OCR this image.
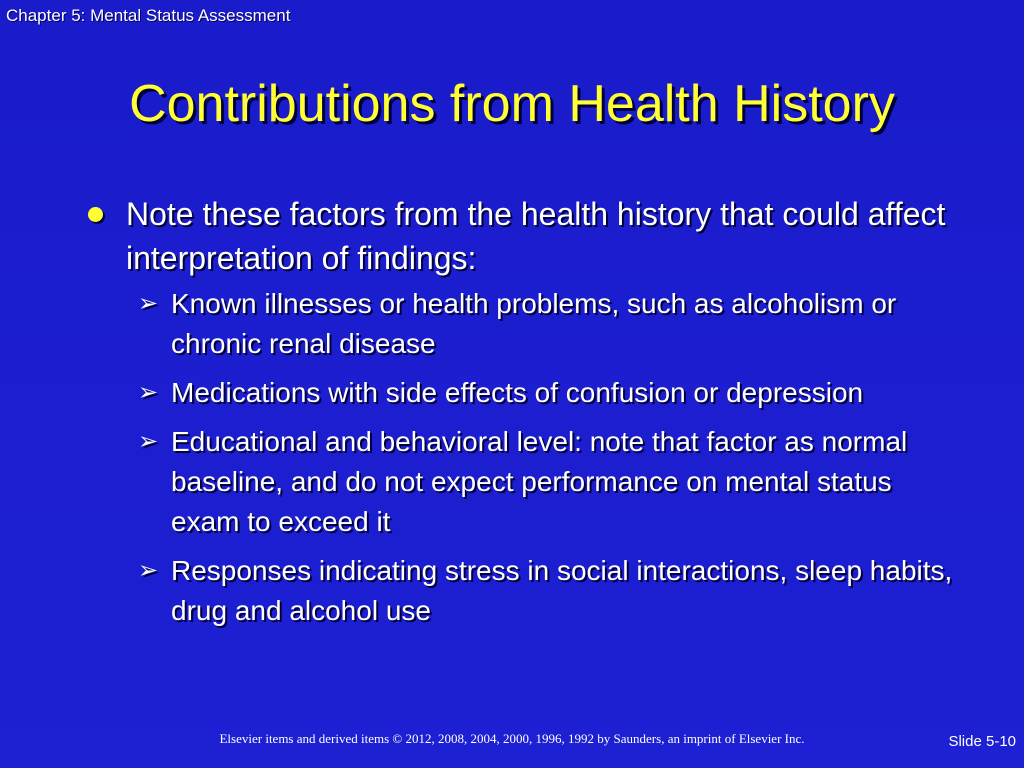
Chapter 5: Mental Status Assessment
Contributions from Health History
Note these factors from the health history that could affect interpretation of findings:
➢ Known illnesses or health problems, such as alcoholism or chronic renal disease
➢ Medications with side effects of confusion or depression
➢ Educational and behavioral level: note that factor as normal baseline, and do not expect performance on mental status exam to exceed it
➢ Responses indicating stress in social interactions, sleep habits, drug and alcohol use
Elsevier items and derived items © 2012, 2008, 2004, 2000, 1996, 1992 by Saunders, an imprint of Elsevier Inc.	Slide 5-10
